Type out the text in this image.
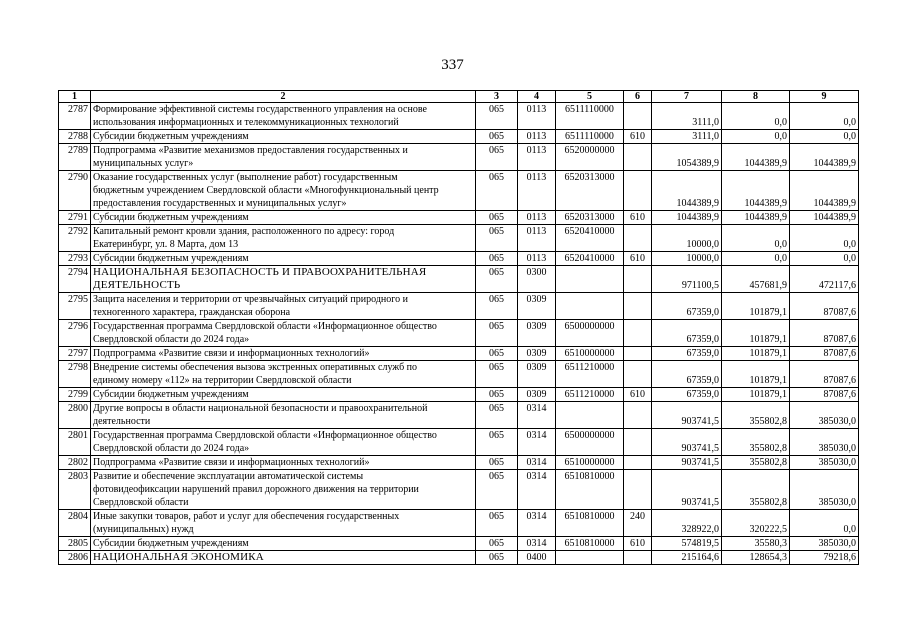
337
1	2	3	4	5	6	7	8	9
2787	Формирование эффективной системы государственного управления на основе
использования информационных и телекоммуникационных технологий	065	0113	6511110000		3111,0	0,0	0,0
2788	Субсидии бюджетным учреждениям	065	0113	6511110000	610	3111,0	0,0	0,0
2789	Подпрограмма «Развитие механизмов предоставления государственных и
муниципальных услуг»	065	0113	6520000000		1054389,9	1044389,9	1044389,9
2790	Оказание государственных услуг (выполнение работ) государственным
бюджетным учреждением Свердловской области «Многофункциональный центр
предоставления государственных и муниципальных услуг»	065	0113	6520313000		1044389,9	1044389,9	1044389,9
2791	Субсидии бюджетным учреждениям	065	0113	6520313000	610	1044389,9	1044389,9	1044389,9
2792	Капитальный ремонт кровли здания, расположенного по адресу: город
Екатеринбург, ул. 8 Марта, дом 13	065	0113	6520410000		10000,0	0,0	0,0
2793	Субсидии бюджетным учреждениям	065	0113	6520410000	610	10000,0	0,0	0,0
2794	НАЦИОНАЛЬНАЯ БЕЗОПАСНОСТЬ И ПРАВООХРАНИТЕЛЬНАЯ
ДЕЯТЕЛЬНОСТЬ	065	0300			971100,5	457681,9	472117,6
2795	Защита населения и территории от чрезвычайных ситуаций природного и
техногенного характера, гражданская оборона	065	0309			67359,0	101879,1	87087,6
2796	Государственная программа Свердловской области «Информационное общество
Свердловской области до 2024 года»	065	0309	6500000000		67359,0	101879,1	87087,6
2797	Подпрограмма «Развитие связи и информационных технологий»	065	0309	6510000000		67359,0	101879,1	87087,6
2798	Внедрение системы обеспечения вызова экстренных оперативных служб по
единому номеру «112» на территории Свердловской области	065	0309	6511210000		67359,0	101879,1	87087,6
2799	Субсидии бюджетным учреждениям	065	0309	6511210000	610	67359,0	101879,1	87087,6
2800	Другие вопросы в области национальной безопасности и правоохранительной
деятельности	065	0314			903741,5	355802,8	385030,0
2801	Государственная программа Свердловской области «Информационное общество
Свердловской области до 2024 года»	065	0314	6500000000		903741,5	355802,8	385030,0
2802	Подпрограмма «Развитие связи и информационных технологий»	065	0314	6510000000		903741,5	355802,8	385030,0
2803	Развитие и обеспечение эксплуатации автоматической системы
фотовидеофиксации нарушений правил дорожного движения на территории
Свердловской области	065	0314	6510810000		903741,5	355802,8	385030,0
2804	Иные закупки товаров, работ и услуг для обеспечения государственных
(муниципальных) нужд	065	0314	6510810000	240	328922,0	320222,5	0,0
2805	Субсидии бюджетным учреждениям	065	0314	6510810000	610	574819,5	35580,3	385030,0
2806	НАЦИОНАЛЬНАЯ ЭКОНОМИКА	065	0400			215164,6	128654,3	79218,6
